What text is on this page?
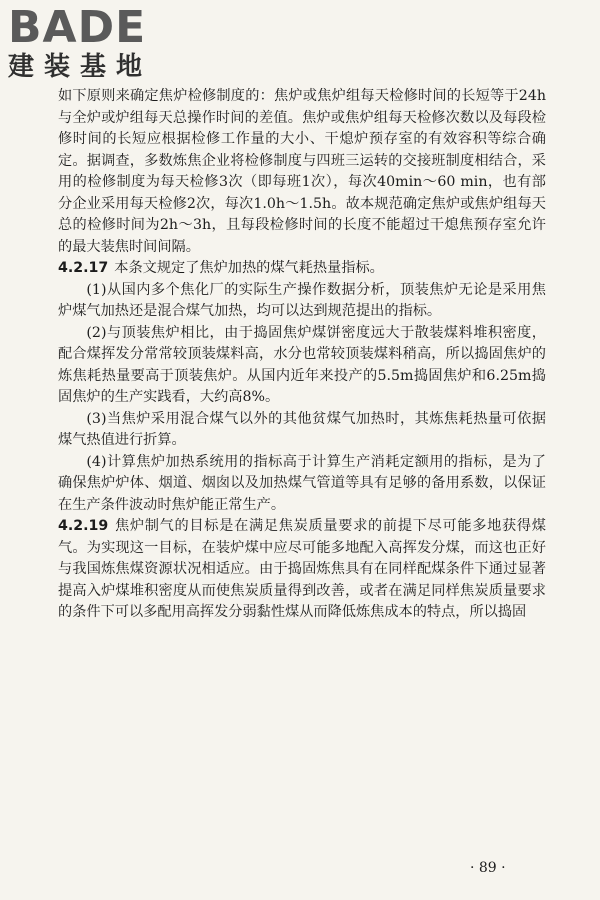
BADE
建装基地

如下原则来确定焦炉检修制度的：焦炉或焦炉组每天检修时间的长短等于24h与全炉或炉组每天总操作时间的差值。焦炉或焦炉组每天检修次数以及每段检修时间的长短应根据检修工作量的大小、干熄炉预存室的有效容积等综合确定。据调查，多数炼焦企业将检修制度与四班三运转的交接班制度相结合，采用的检修制度为每天检修3次（即每班1次），每次40min～60 min，也有部分企业采用每天检修2次，每次1.0h～1.5h。故本规范确定焦炉或焦炉组每天总的检修时间为2h～3h，且每段检修时间的长度不能超过干熄焦预存室允许的最大装焦时间间隔。

4.2.17 本条文规定了焦炉加热的煤气耗热量指标。

(1)从国内多个焦化厂的实际生产操作数据分析，顶装焦炉无论是采用焦炉煤气加热还是混合煤气加热，均可以达到规范提出的指标。

(2)与顶装焦炉相比，由于捣固焦炉煤饼密度远大于散装煤料堆积密度，配合煤挥发分常常较顶装煤料高，水分也常较顶装煤料稍高，所以捣固焦炉的炼焦耗热量要高于顶装焦炉。从国内近年来投产的5.5m捣固焦炉和6.25m捣固焦炉的生产实践看，大约高8%。

(3)当焦炉采用混合煤气以外的其他贫煤气加热时，其炼焦耗热量可依据煤气热值进行折算。

(4)计算焦炉加热系统用的指标高于计算生产消耗定额用的指标，是为了确保焦炉炉体、烟道、烟囱以及加热煤气管道等具有足够的备用系数，以保证在生产条件波动时焦炉能正常生产。

4.2.19 焦炉制气的目标是在满足焦炭质量要求的前提下尽可能多地获得煤气。为实现这一目标，在装炉煤中应尽可能多地配入高挥发分煤，而这也正好与我国炼焦煤资源状况相适应。由于捣固炼焦具有在同样配煤条件下通过显著提高入炉煤堆积密度从而使焦炭质量得到改善，或者在满足同样焦炭质量要求的条件下可以多配用高挥发分弱黏性煤从而降低炼焦成本的特点，所以捣固

· 89 ·
